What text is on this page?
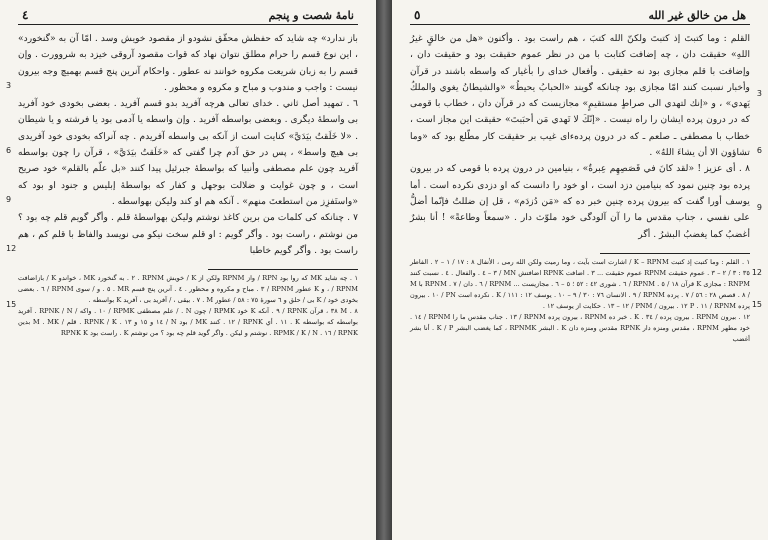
نامهٔ شصت و پنجم
٤

باز ندارد» چه شاید که حفظش محقّق نشودو از مقصود خویش وسد . امّا آن به «گنخورد» ، اين نوع قسم را حرام مطلق نتوان نهاد که قوات مقصود آروقی خیزد به شروورت . وإن قسم را به زبان شریعت مکروه خوانند نه عطور . واحکام آنرین پنج قسم بهمیچ وجه بیرون نیست : واجب و مندوب و مباح و مکروه و محظور .

٦ . تمهید أصل ثاني . خدای تعالی هرچه آفرید بدو قسم آفرید . بعضی بخودی خود آفرید بی واسطهٔ دیگری . وبعضی بواسطه آفرید . وإن واسطه یا آدمی بود یا فرشته و یا شیطان . «لا خَلَقتُ بيَدَيَّ» کنایت است از آنکه بی واسطه آفریدم . چه آنراکه بخودی خود آفریدی بی هیچ واسط» ، پس در حق آدم چرا گفتی که «خَلَقتُ بيَدَيَّ» ، قرآن را چون بواسطه آفرید چون علم مصطفی وأنبیا که بواسطهٔ جبرئیل پیدا کنند «بل علّم بالقلم» خود صریح است ، و چون غوایت و ضلالت بوجهل و کفار که بواسطهٔ إبلیس و جنود او بود که «واستَفزِز من استطعتَ منهم» . آنکه هم او کند ولیکن بهواسطه .

٧ . چنانکه کی کلمات من برین کاغذ نوشتم ولیکن بهواسطهٔ قلم . وأگر گویم قلم چه بود ؟ من نوشتم ، راست بود . وأگر گویم : او قلم سخت نیکو می نویسد والفاظ با قلم کم ، هم راست بود . وأگر گویم خاطبا

١ . چه شاید MK که روا بود RPN / واز RPNM ولکن از K / خویش RPNM . ٢ . به گنخورد MK ، خواندو K / بازاضافت RPNM / ، و K عطور RPNM / ٣ . مباح و مکروه و محظور . ٤ . آنرین پنج قسم MR . ٥ . و / سوی RPNM / ٦ . بعضی بخودی خود / K بی / حلق و ٦ سورهٔ ٧٥ : ٥٨ / عطور M . ٧ . بیقی ، / آفرید بی ، آفرید K بواسطه .

٨ . M ٣٨ ، قرآن RPNK / ٩ . آنکه K خود RPMK / چون N . / علم مصطفی RPMK / ١٠ . واکه / RPNK / N . آفرید بواسطه که بواسطه K . ١١ . أي RPNK / ١٢ . کنند MK / بود N / ١٤ و ١٥ و ١٣ . RPNK / K . قلم / M . MK بدين RPNK / ١٦ . RPMK / K / N . نوشتم و لیکن . واگر گوید قلم چه بود ؟ من نوشتم K . راست بود RPNK K

3
6
9
12
15
هل من خالق غیر الله
٥

القلم : وما كتبتَ إذ كتبتَ ولكنّ الله كتبَ ، هم راست بود . وأکنون «هل من خالقٍ غيرُ اللهِ» حقیقت دان ، چه إضافت کتابت با من در نظر عموم حقیقت بود و حقیقت دان ، وإضافت با قلم مجازی بود نه حقیقی . وأفعال خدای را بأغیار که واسطه باشند در قرآن وأخبار نسبت کنند امّا مجازی بود چنانکه گویند «الحبابُ يحيطُ» «والشيطانُ يغوي والملكُ يَهدي» ، و «إنك لتهدي الى صراطٍ مستقيمٍ» مجازیست که در قرآن دان ، خطاب با قومی که در درون پرده ایشان را راه نیست . «إنّكَ لا تَهدي مَن أحبَبتَ» حقیقت این مجاز است ، خطاب با مصطفی ـ صلعم ـ که در درون پردهءای غیب بر حقیقت کار مطّلع بود که «وما تشاؤون الا أن يشاءَ اللهُ» .

٨ . أی عزیز ! «لقد كانَ في قَصَصِهِم عِبرةٌ» ، بنیامین در درون پرده با قومی که در بیرون پرده بود چنین نمود که بنیامین دزد است ، او خود را دانست که او دزدی نکرده است . أما يوسف أورا گفت که بیرون پرده چنین خبر ده که «مَن دُزدَم» ، قل إن ضللتُ فإنّما أضلُّ على نفسي ، جناب مقدس ما را آن آلودگی خود ملوّث دار . «سمعاً وطاعةً» ! أنا بشرٌ أغضبُ كما يغضبُ البشرُ . أگر

١ . القلم : وما كتبت إذ كتبت K – RPNM / اشارت است بآیت ، وما رميت ولكن الله رمى ، الأنفال ٨ : ١٧ / ١ – ٢ . الفاطر ٣٥ : ٣ / ٢ – ٣ . عموم حقیقت RPNM عموم حقيقت ... ٣ . اضافت RPNK اضافتش MN / ٣ – ٤ . والفعال . ٤ . نسبت کنند RNPM : مجازی K قرآن ١٨ / ٥ . RPNM / ٦ . شوری ٤٢ : ٥٢ ؛ ٥ – ٦ . مجازیست ... RPNM / ٦ . دان / ٧ . RPNM با M / ٨ . قصص ٢٨ : ٥٦ / ٧ . پرده RPNM / ٩ . الانسان ٧٦ : ٣٠ / ٩ – ١٠ . یوسف ١٢ : ١١١ / K . نکرده است PN / ١٠ . بیرون پرده RPNM / ١١ . P ١٢ . بیرون / PNM / ١٢ – ١٣ . حکایت از یوسف ١٢ .

١٢ . بیرون RPNM . بیرون پرده / ٣٤ . K . خبر ده RPNM ، بیرون پرده RPNM / ١٣ . جناب مقدس ما را RPNM / ١٤ . خود مطهر RPNM ، مقدس ومنزه دار RPNK مقدس ومنزه دان K . البشر RPNMK ، کما یغضب البشر K / P . أنا بشر أغضب

3
6
9
12
15
